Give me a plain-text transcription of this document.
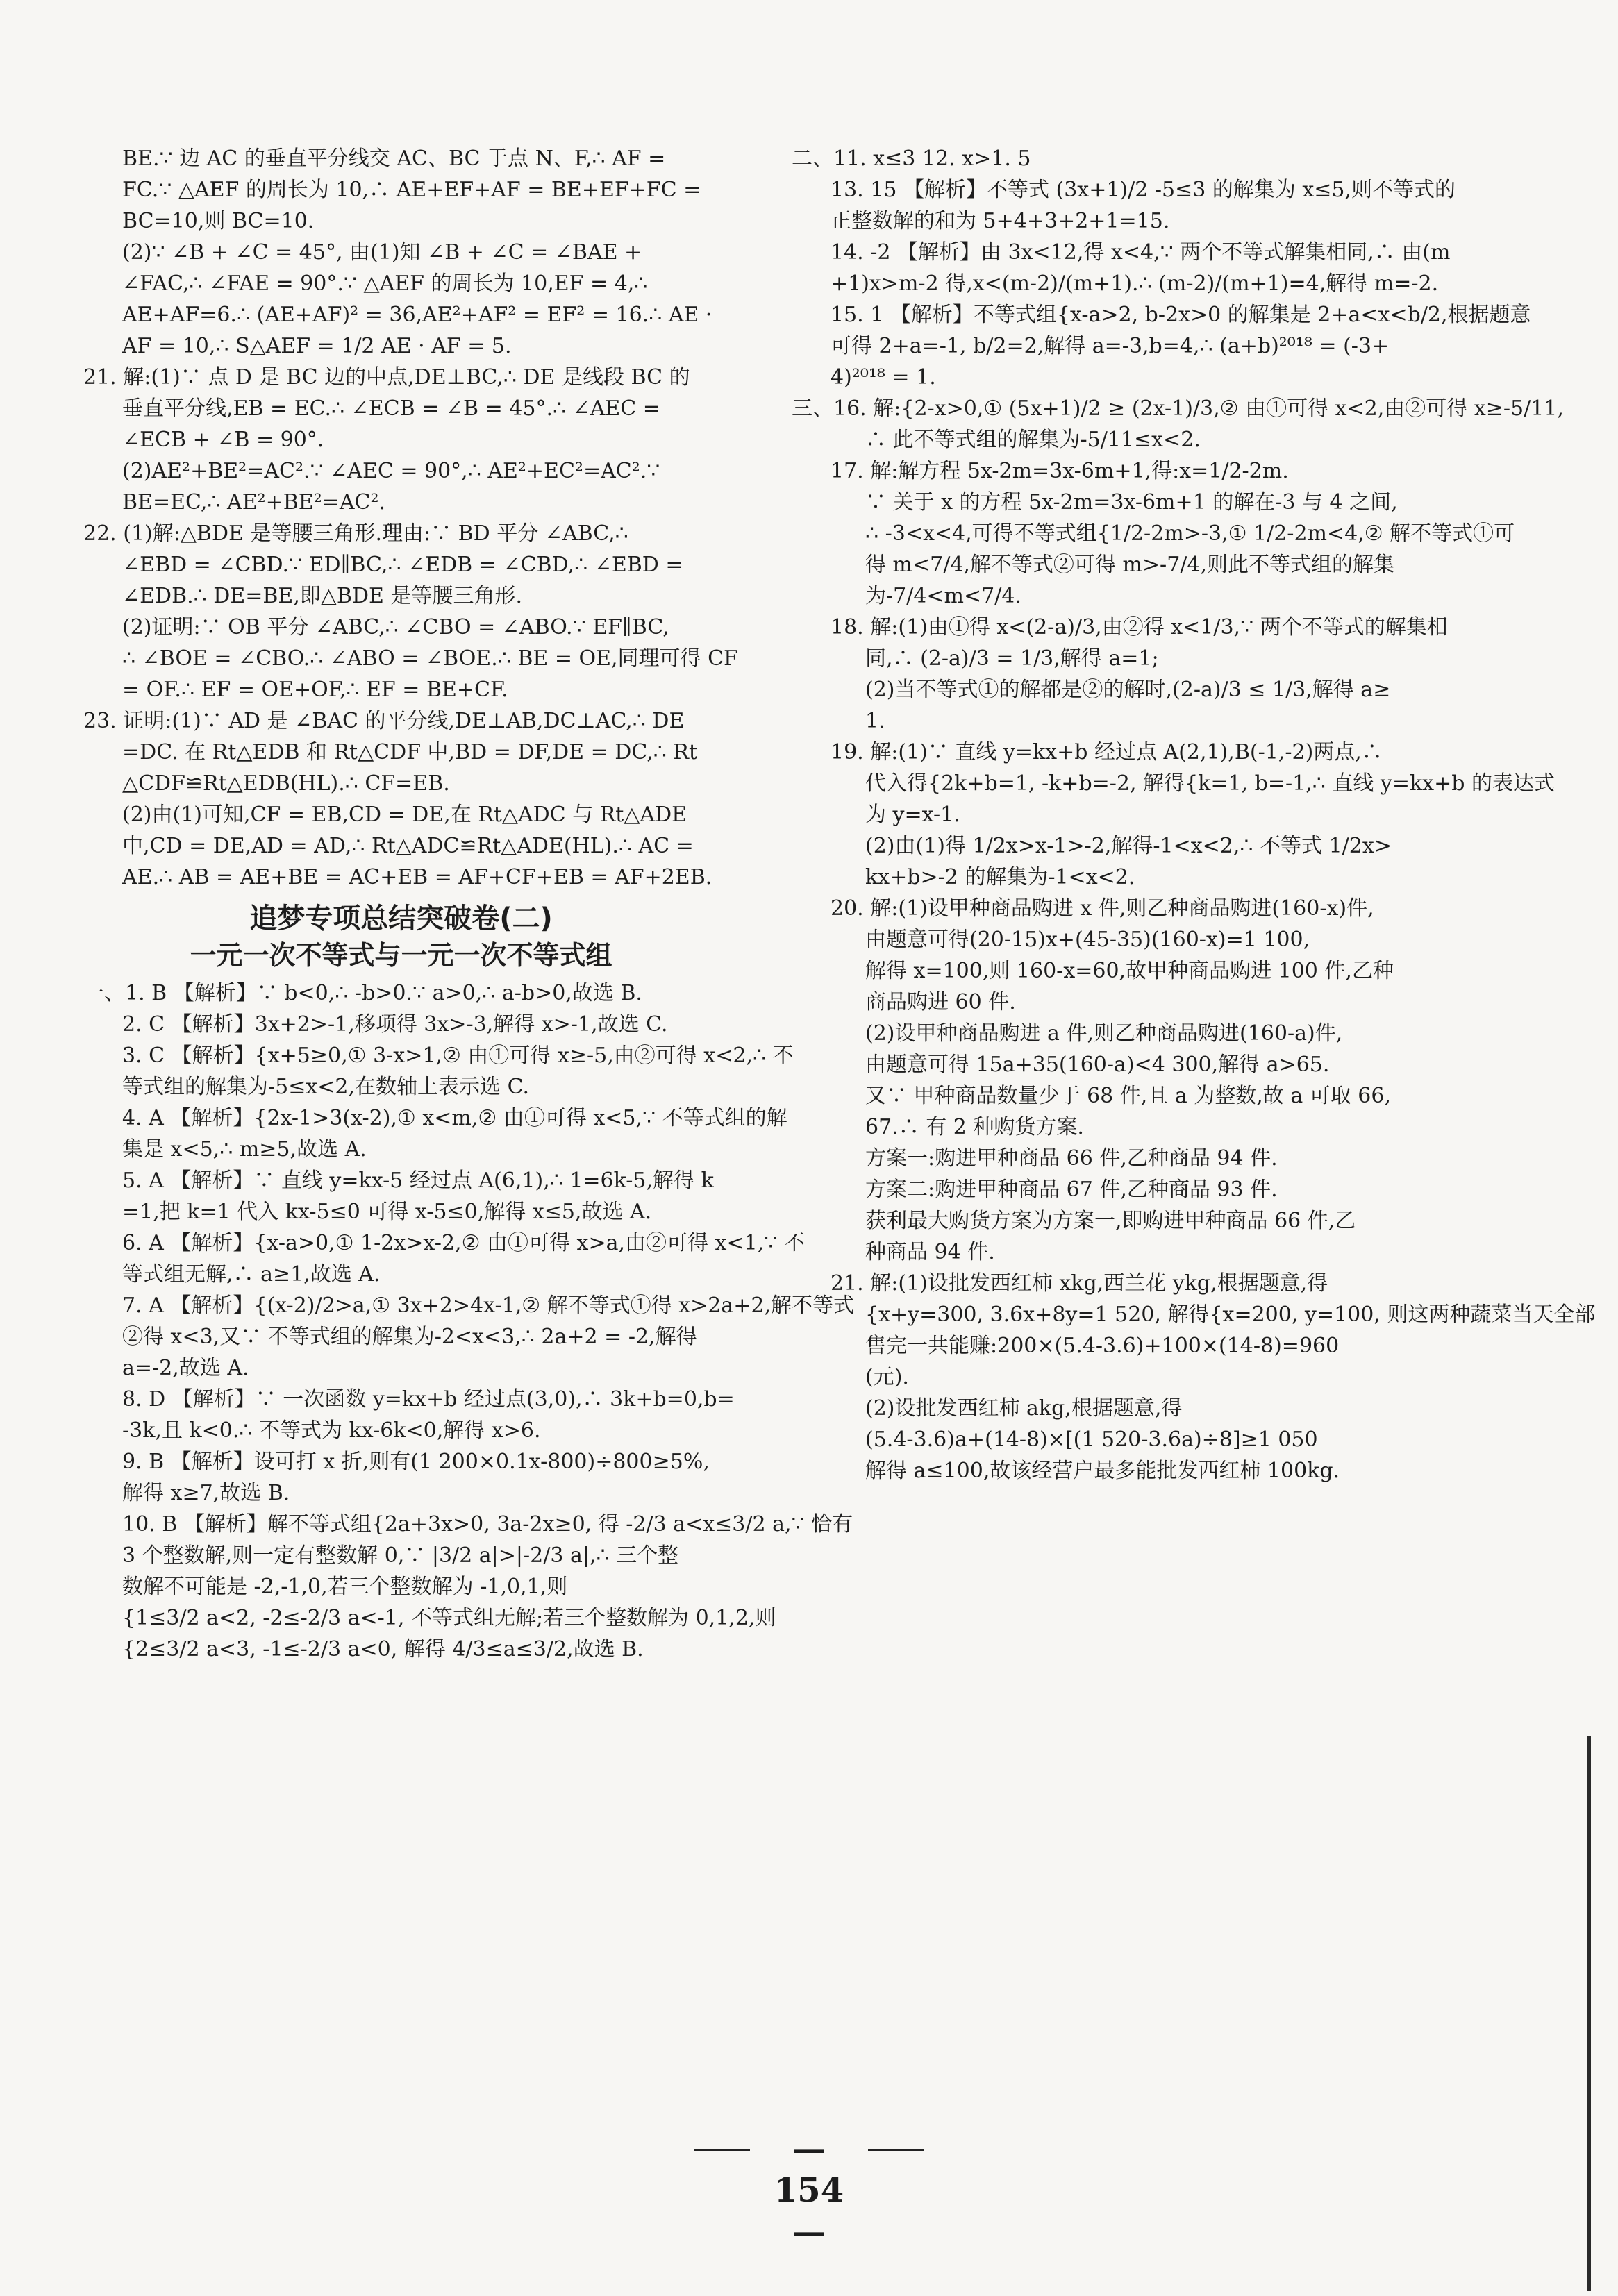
BE.∵ 边 AC 的垂直平分线交 AC、BC 于点 N、F,∴ AF =
FC.∵ △AEF 的周长为 10,∴ AE+EF+AF = BE+EF+FC =
BC=10,则 BC=10.
(2)∵ ∠B + ∠C = 45°, 由(1)知 ∠B + ∠C = ∠BAE +
∠FAC,∴ ∠FAE = 90°.∵ △AEF 的周长为 10,EF = 4,∴
AE+AF=6.∴ (AE+AF)² = 36,AE²+AF² = EF² = 16.∴ AE ·
AF = 10,∴ S△AEF = 1/2 AE · AF = 5.
21. 解:(1)∵ 点 D 是 BC 边的中点,DE⊥BC,∴ DE 是线段 BC 的
垂直平分线,EB = EC.∴ ∠ECB = ∠B = 45°.∴ ∠AEC =
∠ECB + ∠B = 90°.
(2)AE²+BE²=AC².∵ ∠AEC = 90°,∴ AE²+EC²=AC².∵
BE=EC,∴ AE²+BE²=AC².
22. (1)解:△BDE 是等腰三角形.理由:∵ BD 平分 ∠ABC,∴
∠EBD = ∠CBD.∵ ED∥BC,∴ ∠EDB = ∠CBD,∴ ∠EBD =
∠EDB.∴ DE=BE,即△BDE 是等腰三角形.
(2)证明:∵ OB 平分 ∠ABC,∴ ∠CBO = ∠ABO.∵ EF∥BC,
∴ ∠BOE = ∠CBO.∴ ∠ABO = ∠BOE.∴ BE = OE,同理可得 CF
= OF.∴ EF = OE+OF,∴ EF = BE+CF.
23. 证明:(1)∵ AD 是 ∠BAC 的平分线,DE⊥AB,DC⊥AC,∴ DE
=DC. 在 Rt△EDB 和 Rt△CDF 中,BD = DF,DE = DC,∴ Rt
△CDF≌Rt△EDB(HL).∴ CF=EB.
(2)由(1)可知,CF = EB,CD = DE,在 Rt△ADC 与 Rt△ADE
中,CD = DE,AD = AD,∴ Rt△ADC≌Rt△ADE(HL).∴ AC =
AE.∴ AB = AE+BE = AC+EB = AF+CF+EB = AF+2EB.
追梦专项总结突破卷(二)
一元一次不等式与一元一次不等式组
一、1. B 【解析】∵ b<0,∴ -b>0.∵ a>0,∴ a-b>0,故选 B.
2. C 【解析】3x+2>-1,移项得 3x>-3,解得 x>-1,故选 C.
3. C 【解析】{x+5≥0,① 3-x>1,② 由①可得 x≥-5,由②可得 x<2,∴ 不
等式组的解集为-5≤x<2,在数轴上表示选 C.
4. A 【解析】{2x-1>3(x-2),① x<m,② 由①可得 x<5,∵ 不等式组的解
集是 x<5,∴ m≥5,故选 A.
5. A 【解析】∵ 直线 y=kx-5 经过点 A(6,1),∴ 1=6k-5,解得 k
=1,把 k=1 代入 kx-5≤0 可得 x-5≤0,解得 x≤5,故选 A.
6. A 【解析】{x-a>0,① 1-2x>x-2,② 由①可得 x>a,由②可得 x<1,∵ 不
等式组无解,∴ a≥1,故选 A.
7. A 【解析】{(x-2)/2>a,① 3x+2>4x-1,② 解不等式①得 x>2a+2,解不等式
②得 x<3,又∵ 不等式组的解集为-2<x<3,∴ 2a+2 = -2,解得
a=-2,故选 A.
8. D 【解析】∵ 一次函数 y=kx+b 经过点(3,0),∴ 3k+b=0,b=
-3k,且 k<0.∴ 不等式为 kx-6k<0,解得 x>6.
9. B 【解析】设可打 x 折,则有(1 200×0.1x-800)÷800≥5%,
解得 x≥7,故选 B.
10. B 【解析】解不等式组{2a+3x>0, 3a-2x≥0, 得 -2/3 a<x≤3/2 a,∵ 恰有
3 个整数解,则一定有整数解 0,∵ |3/2 a|>|-2/3 a|,∴ 三个整
数解不可能是 -2,-1,0,若三个整数解为 -1,0,1,则
{1≤3/2 a<2, -2≤-2/3 a<-1, 不等式组无解;若三个整数解为 0,1,2,则
{2≤3/2 a<3, -1≤-2/3 a<0, 解得 4/3≤a≤3/2,故选 B.
二、11. x≤3 12. x>1. 5
13. 15 【解析】不等式 (3x+1)/2 -5≤3 的解集为 x≤5,则不等式的
正整数解的和为 5+4+3+2+1=15.
14. -2 【解析】由 3x<12,得 x<4,∵ 两个不等式解集相同,∴ 由(m
+1)x>m-2 得,x<(m-2)/(m+1).∴ (m-2)/(m+1)=4,解得 m=-2.
15. 1 【解析】不等式组{x-a>2, b-2x>0 的解集是 2+a<x<b/2,根据题意
可得 2+a=-1, b/2=2,解得 a=-3,b=4,∴ (a+b)²⁰¹⁸ = (-3+
4)²⁰¹⁸ = 1.
三、16. 解:{2-x>0,① (5x+1)/2 ≥ (2x-1)/3,② 由①可得 x<2,由②可得 x≥-5/11,
∴ 此不等式组的解集为-5/11≤x<2.
17. 解:解方程 5x-2m=3x-6m+1,得:x=1/2-2m.
∵ 关于 x 的方程 5x-2m=3x-6m+1 的解在-3 与 4 之间,
∴ -3<x<4,可得不等式组{1/2-2m>-3,① 1/2-2m<4,② 解不等式①可
得 m<7/4,解不等式②可得 m>-7/4,则此不等式组的解集
为-7/4<m<7/4.
18. 解:(1)由①得 x<(2-a)/3,由②得 x<1/3,∵ 两个不等式的解集相
同,∴ (2-a)/3 = 1/3,解得 a=1;
(2)当不等式①的解都是②的解时,(2-a)/3 ≤ 1/3,解得 a≥
1.
19. 解:(1)∵ 直线 y=kx+b 经过点 A(2,1),B(-1,-2)两点,∴
代入得{2k+b=1, -k+b=-2, 解得{k=1, b=-1,∴ 直线 y=kx+b 的表达式
为 y=x-1.
(2)由(1)得 1/2x>x-1>-2,解得-1<x<2,∴ 不等式 1/2x>
kx+b>-2 的解集为-1<x<2.
20. 解:(1)设甲种商品购进 x 件,则乙种商品购进(160-x)件,
由题意可得(20-15)x+(45-35)(160-x)=1 100,
解得 x=100,则 160-x=60,故甲种商品购进 100 件,乙种
商品购进 60 件.
(2)设甲种商品购进 a 件,则乙种商品购进(160-a)件,
由题意可得 15a+35(160-a)<4 300,解得 a>65.
又∵ 甲种商品数量少于 68 件,且 a 为整数,故 a 可取 66,
67.∴ 有 2 种购货方案.
方案一:购进甲种商品 66 件,乙种商品 94 件.
方案二:购进甲种商品 67 件,乙种商品 93 件.
获利最大购货方案为方案一,即购进甲种商品 66 件,乙
种商品 94 件.
21. 解:(1)设批发西红柿 xkg,西兰花 ykg,根据题意,得
{x+y=300, 3.6x+8y=1 520, 解得{x=200, y=100, 则这两种蔬菜当天全部
售完一共能赚:200×(5.4-3.6)+100×(14-8)=960
(元).
(2)设批发西红柿 akg,根据题意,得
(5.4-3.6)a+(14-8)×[(1 520-3.6a)÷8]≥1 050
解得 a≤100,故该经营户最多能批发西红柿 100kg.
— 154 —
